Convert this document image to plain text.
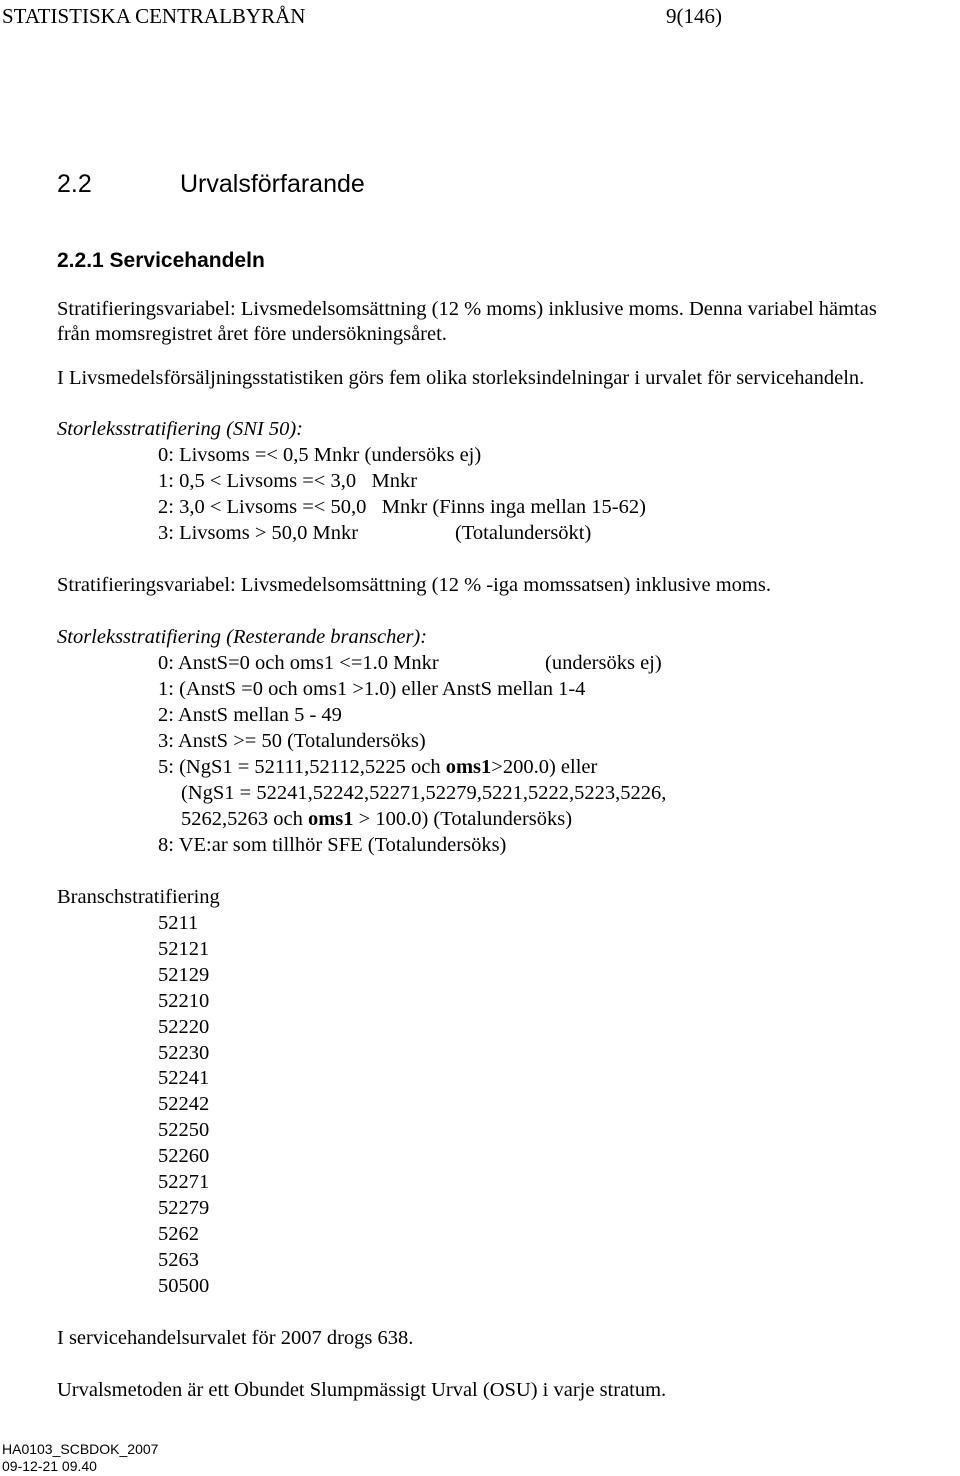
STATISTISKA CENTRALBYRÅN	9(146)
2.2	Urvalsförfarande
2.2.1 Servicehandeln
Stratifieringsvariabel: Livsmedelsomsättning (12 % moms) inklusive moms. Denna variabel hämtas
från momsregistret året före undersökningsåret.
I Livsmedelsförsäljningsstatistiken görs fem olika storleksindelningar i urvalet för servicehandeln.
Storleksstratifiering (SNI 50):
0: Livsoms =< 0,5 Mnkr (undersöks ej)
1: 0,5 < Livsoms =< 3,0   Mnkr
2: 3,0 < Livsoms =< 50,0   Mnkr (Finns inga mellan 15-62)
3: Livsoms > 50,0 Mnkr	(Totalundersökt)
Stratifieringsvariabel: Livsmedelsomsättning (12 % -iga momssatsen) inklusive moms.
Storleksstratifiering (Resterande branscher):
0: AnstS=0 och oms1 <=1.0 Mnkr	(undersöks ej)
1: (AnstS =0 och oms1 >1.0) eller AnstS mellan 1-4
2: AnstS mellan 5 - 49
3: AnstS >= 50 (Totalundersöks)
5: (NgS1 = 52111,52112,5225 och oms1>200.0) eller
(NgS1 = 52241,52242,52271,52279,5221,5222,5223,5226,
5262,5263 och oms1 > 100.0) (Totalundersöks)
8: VE:ar som tillhör SFE (Totalundersöks)
Branschstratifiering
5211
52121
52129
52210
52220
52230
52241
52242
52250
52260
52271
52279
5262
5263
50500
I servicehandelsurvalet för 2007 drogs 638.
Urvalsmetoden är ett Obundet Slumpmässigt Urval (OSU) i varje stratum.
HA0103_SCBDOK_2007
09-12-21 09.40
